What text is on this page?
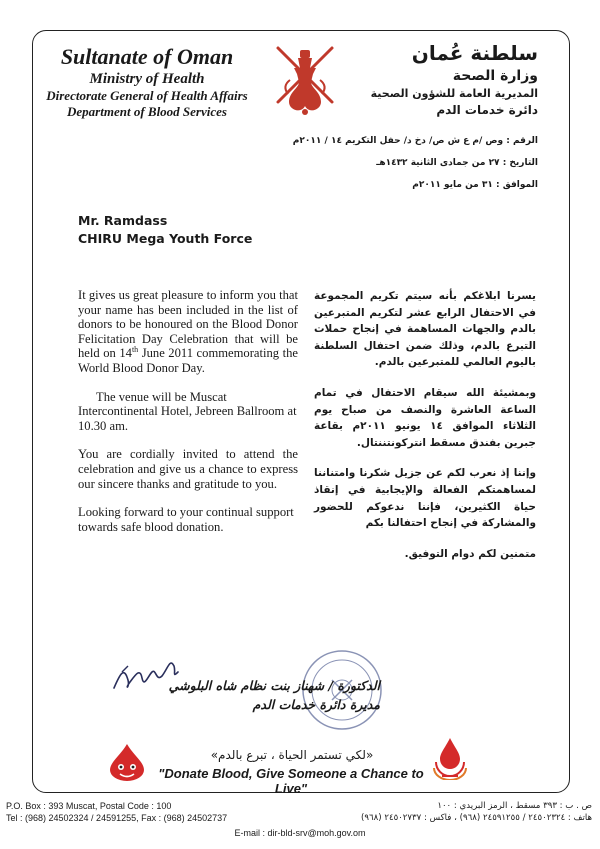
Sultanate of Oman
Ministry of Health
Directorate General of Health Affairs
Department of Blood Services
سلطنة عُمان
وزارة الصحة
المديرية العامة للشؤون الصحية
دائرة خدمات الدم
الرقم : وص /م ع ش ص/ دخ د/ حفل التكريم ١٤ / ٢٠١١م
التاريخ : ٢٧ من جمادى الثانية ١٤٣٢هـ
الموافق : ٣١ من مايو ٢٠١١م
Mr. Ramdass
CHIRU Mega Youth Force

It gives us great pleasure to inform you that your name has been included in the list of donors to be honoured on the Blood Donor Felicitation Day Celebration that will be held on 14th June 2011 commemorating the World Blood Donor Day.

The venue will be Muscat Intercontinental Hotel, Jebreen Ballroom at 10.30 am.

You are cordially invited to attend the celebration and give us a chance to express our sincere thanks and gratitude to you.

Looking forward to your continual support towards safe blood donation.

يسرنا ابلاغكم بأنه سيتم تكريم المجموعة في الاحتفال الرابع عشر لتكريم المتبرعين بالدم والجهات المساهمة في إنجاح حملات التبرع بالدم، وذلك ضمن احتفال السلطنة باليوم العالمي للمتبرعين بالدم.

وبمشيئة الله سيقام الاحتفال في تمام الساعة العاشرة والنصف من صباح يوم الثلاثاء الموافق ١٤ يونيو ٢٠١١م بقاعة جبرين بفندق مسقط انتركونتننتال.

وإننا إذ نعرب لكم عن جزيل شكرنا وامتناننا لمساهمتكم الفعالة والإيجابية في إنقاذ حياة الكثيرين، فإننا ندعوكم للحضور والمشاركة في إنجاح احتفالنا بكم

متمنين لكم دوام التوفيق.

الدكتورة / شهناز بنت نظام شاه البلوشي
مديرة دائرة خدمات الدم
«لكي تستمر الحياة ، تبرع بالدم»
"Donate Blood, Give Someone a Chance to Live"
P.O. Box : 393 Muscat, Postal Code : 100
Tel : (968) 24502324 / 24591255, Fax : (968) 24502737
ص . ب : ٣٩٣ مسقط ، الرمز البريدي : ١٠٠
هاتف : ٢٤٥٠٢٣٢٤ / ٢٤٥٩١٢٥٥ (٩٦٨) ، فاكس : ٢٤٥٠٢٧٣٧ (٩٦٨)
E-mail : dir-bld-srv@moh.gov.om
